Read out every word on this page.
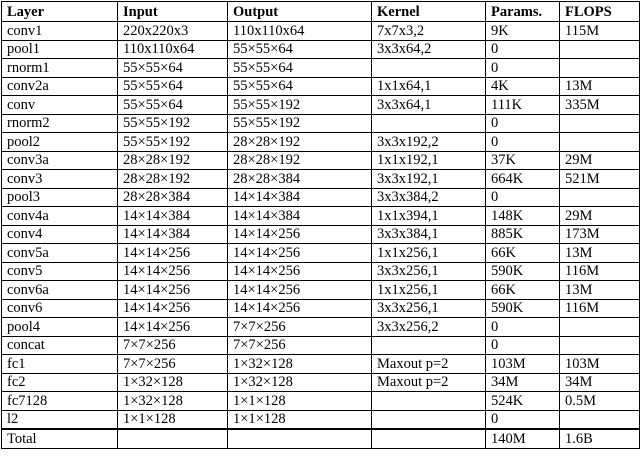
Layer	Input	Output	Kernel	Params.	FLOPS
conv1	220x220x3	110x110x64	7x7x3,2	9K	115M
pool1	110x110x64	55×55×64	3x3x64,2	0	
rnorm1	55×55×64	55×55×64		0	
conv2a	55×55×64	55×55×64	1x1x64,1	4K	13M
conv	55×55×64	55×55×192	3x3x64,1	111K	335M
rnorm2	55×55×192	55×55×192		0	
pool2	55×55×192	28×28×192	3x3x192,2	0	
conv3a	28×28×192	28×28×192	1x1x192,1	37K	29M
conv3	28×28×192	28×28×384	3x3x192,1	664K	521M
pool3	28×28×384	14×14×384	3x3x384,2	0	
conv4a	14×14×384	14×14×384	1x1x394,1	148K	29M
conv4	14×14×384	14×14×256	3x3x384,1	885K	173M
conv5a	14×14×256	14×14×256	1x1x256,1	66K	13M
conv5	14×14×256	14×14×256	3x3x256,1	590K	116M
conv6a	14×14×256	14×14×256	1x1x256,1	66K	13M
conv6	14×14×256	14×14×256	3x3x256,1	590K	116M
pool4	14×14×256	7×7×256	3x3x256,2	0	
concat	7×7×256	7×7×256		0	
fc1	7×7×256	1×32×128	Maxout p=2	103M	103M
fc2	1×32×128	1×32×128	Maxout p=2	34M	34M
fc7128	1×32×128	1×1×128		524K	0.5M
l2	1×1×128	1×1×128		0	
Total				140M	1.6B
